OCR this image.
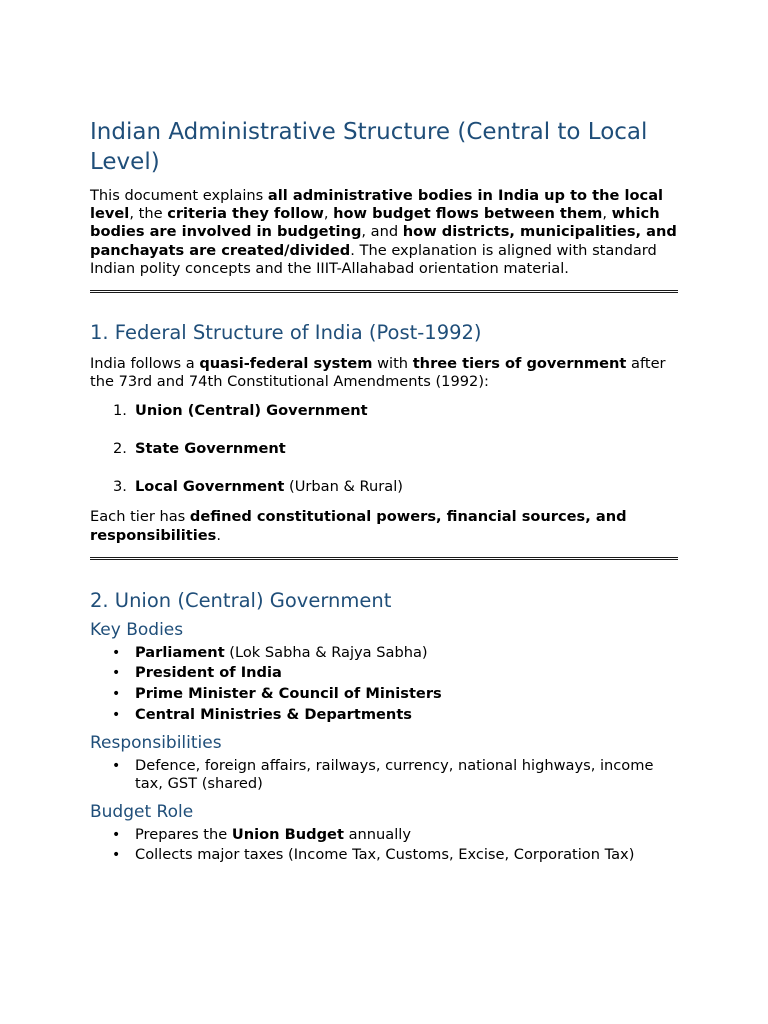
Indian Administrative Structure (Central to Local Level)

This document explains all administrative bodies in India up to the local level, the criteria they follow, how budget flows between them, which bodies are involved in budgeting, and how districts, municipalities, and panchayats are created/divided. The explanation is aligned with standard Indian polity concepts and the IIIT-Allahabad orientation material.

1. Federal Structure of India (Post-1992)

India follows a quasi-federal system with three tiers of government after the 73rd and 74th Constitutional Amendments (1992):

1. Union (Central) Government
2. State Government
3. Local Government (Urban & Rural)

Each tier has defined constitutional powers, financial sources, and responsibilities.

2. Union (Central) Government
Key Bodies
•	Parliament (Lok Sabha & Rajya Sabha)
•	President of India
•	Prime Minister & Council of Ministers
•	Central Ministries & Departments
Responsibilities
•	Defence, foreign affairs, railways, currency, national highways, income tax, GST (shared)
Budget Role
•	Prepares the Union Budget annually
•	Collects major taxes (Income Tax, Customs, Excise, Corporation Tax)
